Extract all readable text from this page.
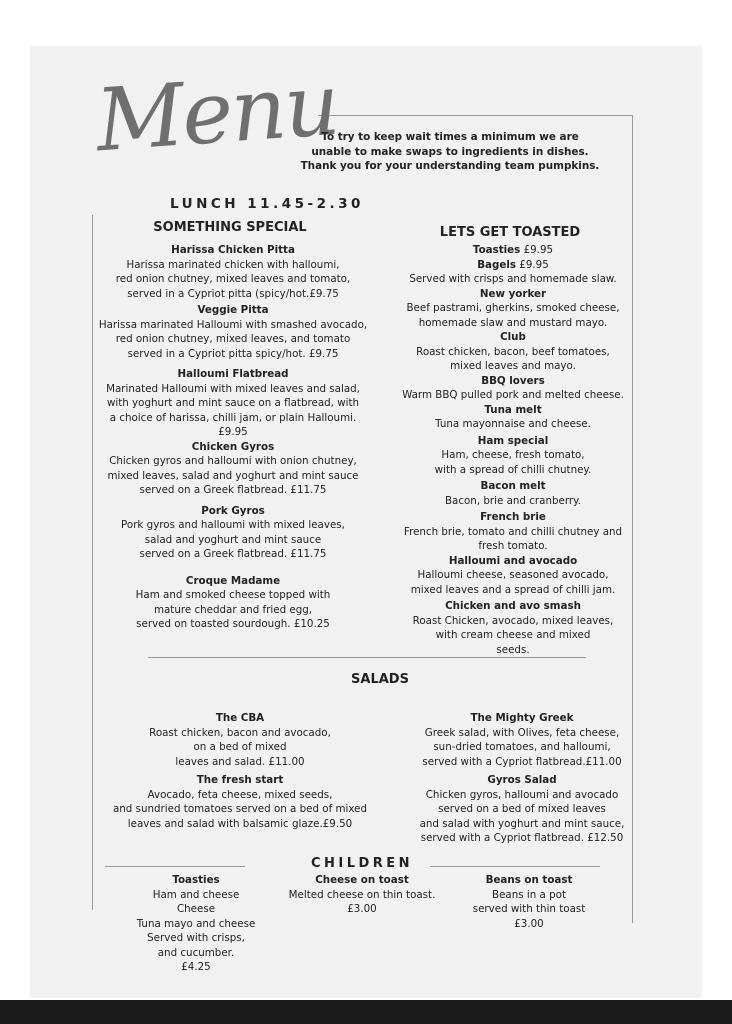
Menu
LUNCH 11.45-2.30
To try to keep wait times a minimum we are unable to make swaps to ingredients in dishes.
Thank you for your understanding team pumpkins.
SOMETHING SPECIAL
Harissa Chicken Pitta
Harissa marinated chicken with halloumi,
red onion chutney, mixed leaves and tomato,
served in a Cypriot pitta (spicy/hot.£9.75
Veggie Pitta
Harissa marinated Halloumi with smashed avocado,
red onion chutney, mixed leaves, and tomato
served in a Cypriot pitta spicy/hot. £9.75
Halloumi Flatbread
Marinated Halloumi with mixed leaves and salad,
with yoghurt and mint sauce on a flatbread, with
a choice of harissa, chilli jam, or plain Halloumi.
£9.95
Chicken Gyros
Chicken gyros and halloumi with onion chutney,
mixed leaves, salad and yoghurt and mint sauce
served on a Greek flatbread. £11.75
Pork Gyros
Pork gyros and halloumi with mixed leaves,
salad and yoghurt and mint sauce
served on a Greek flatbread. £11.75
Croque Madame
Ham and smoked cheese topped with
mature cheddar and fried egg,
served on toasted sourdough. £10.25
LETS GET TOASTED
Toasties £9.95
Bagels £9.95
Served with crisps and homemade slaw.
New yorker
Beef pastrami, gherkins, smoked cheese,
homemade slaw and mustard mayo.
Club
Roast chicken, bacon, beef tomatoes,
mixed leaves and mayo.
BBQ lovers
Warm BBQ pulled pork and melted cheese.
Tuna melt
Tuna mayonnaise and cheese.
Ham special
Ham, cheese, fresh tomato,
with a spread of chilli chutney.
Bacon melt
Bacon, brie and cranberry.
French brie
French brie, tomato and chilli chutney and
fresh tomato.
Halloumi and avocado
Halloumi cheese, seasoned avocado,
mixed leaves and a spread of chilli jam.
Chicken and avo smash
Roast Chicken, avocado, mixed leaves,
with cream cheese and mixed
seeds.
SALADS
The CBA
Roast chicken, bacon and avocado,
on a bed of mixed
leaves and salad. £11.00
The fresh start
Avocado, feta cheese, mixed seeds,
and sundried tomatoes served on a bed of mixed
leaves and salad with balsamic glaze.£9.50
The Mighty Greek
Greek salad, with Olives, feta cheese,
sun-dried tomatoes, and halloumi,
served with a Cypriot flatbread.£11.00
Gyros Salad
Chicken gyros, halloumi and avocado
served on a bed of mixed leaves
and salad with yoghurt and mint sauce,
served with a Cypriot flatbread. £12.50
CHILDREN
Toasties
Ham and cheese
Cheese
Tuna mayo and cheese
Served with crisps,
and cucumber.
£4.25
Cheese on toast
Melted cheese on thin toast.
£3.00
Beans on toast
Beans in a pot
served with thin toast
£3.00
